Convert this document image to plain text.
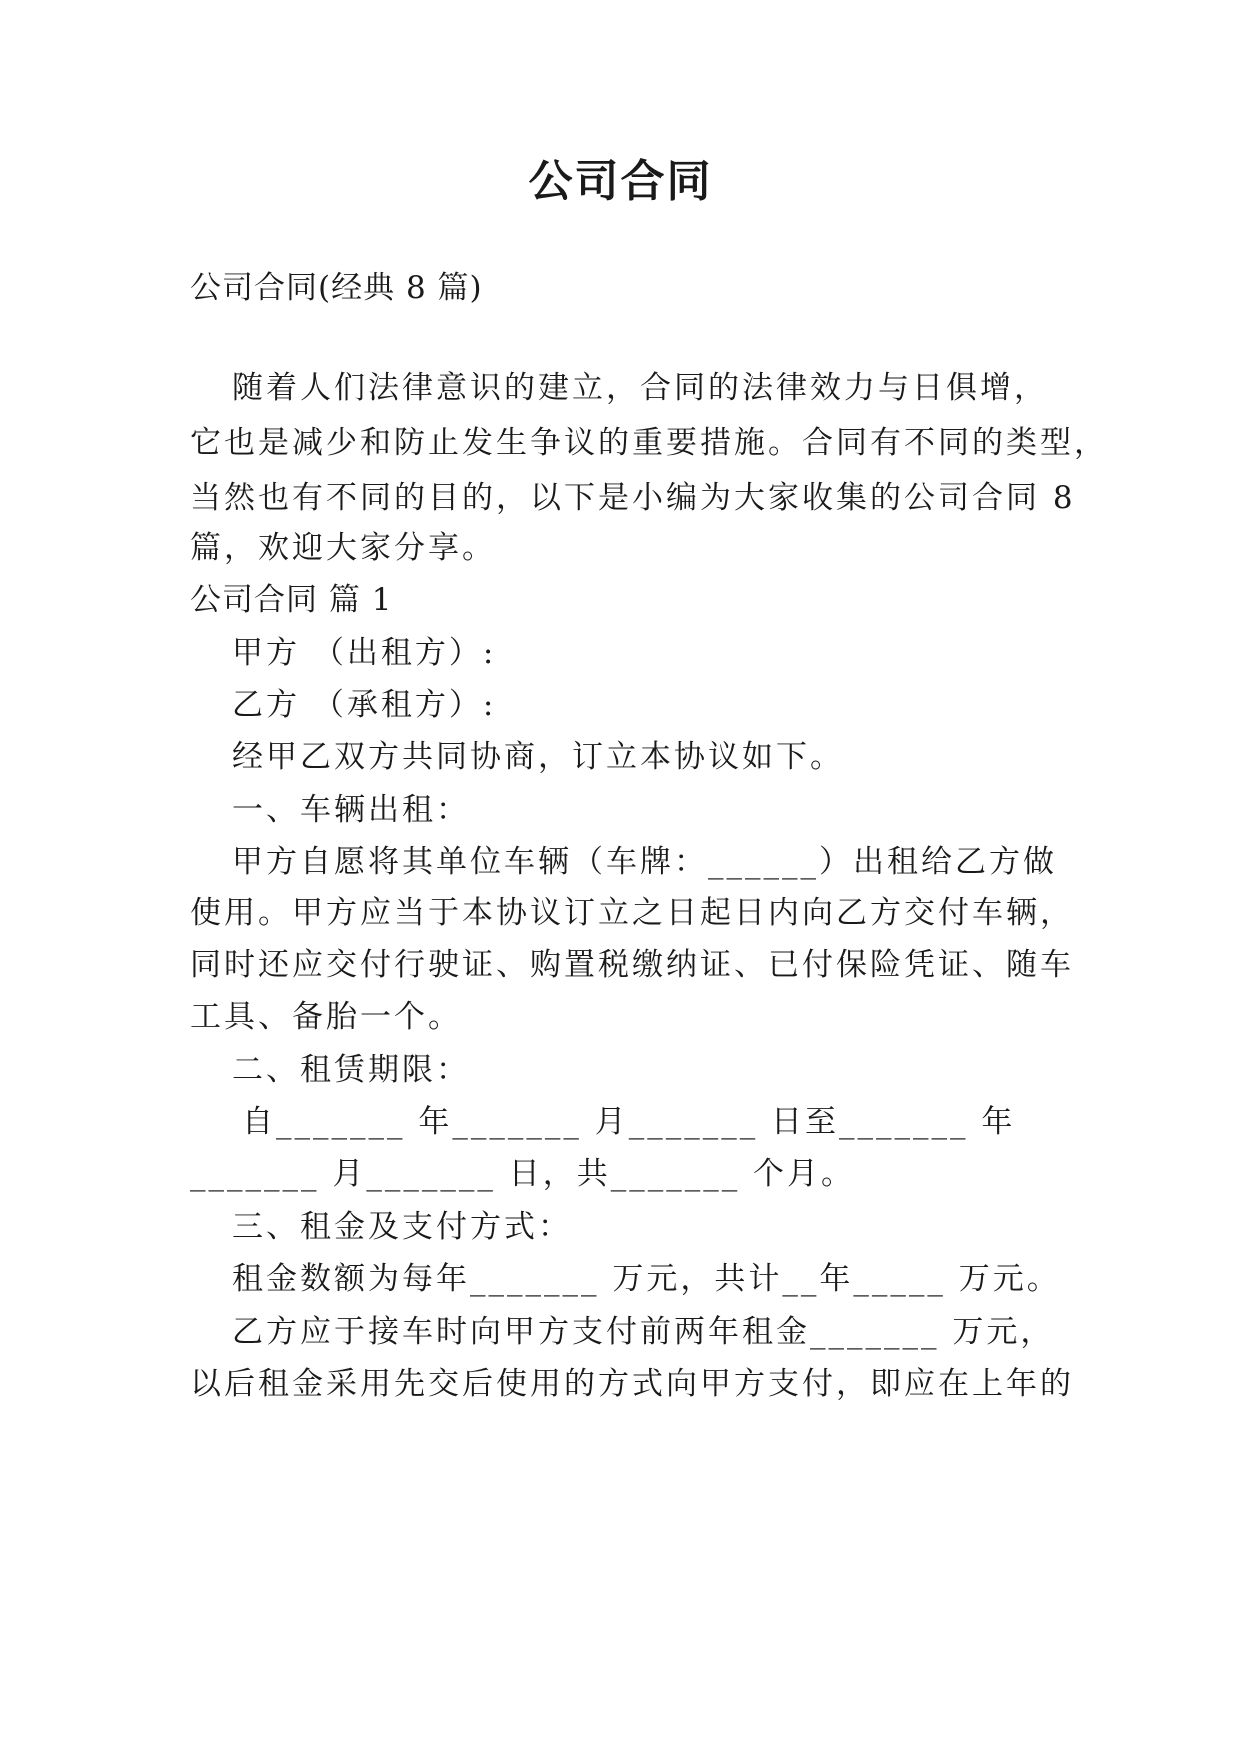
公司合同
公司合同(经典 8 篇)
随着人们法律意识的建立，合同的法律效力与日俱增，
它也是减少和防止发生争议的重要措施。合同有不同的类型，
当然也有不同的目的，以下是小编为大家收集的公司合同 8
篇，欢迎大家分享。
公司合同 篇 1
甲方 （出租方）:
乙方 （承租方）:
经甲乙双方共同协商，订立本协议如下。
一、车辆出租：
甲方自愿将其单位车辆（车牌：______）出租给乙方做
使用。甲方应当于本协议订立之日起日内向乙方交付车辆，
同时还应交付行驶证、购置税缴纳证、已付保险凭证、随车
工具、备胎一个。
二、租赁期限：
自_______ 年_______ 月_______ 日至_______ 年
_______ 月_______ 日，共_______ 个月。
三、租金及支付方式：
租金数额为每年_______ 万元，共计__年_____ 万元。
乙方应于接车时向甲方支付前两年租金_______ 万元，
以后租金采用先交后使用的方式向甲方支付，即应在上年的
